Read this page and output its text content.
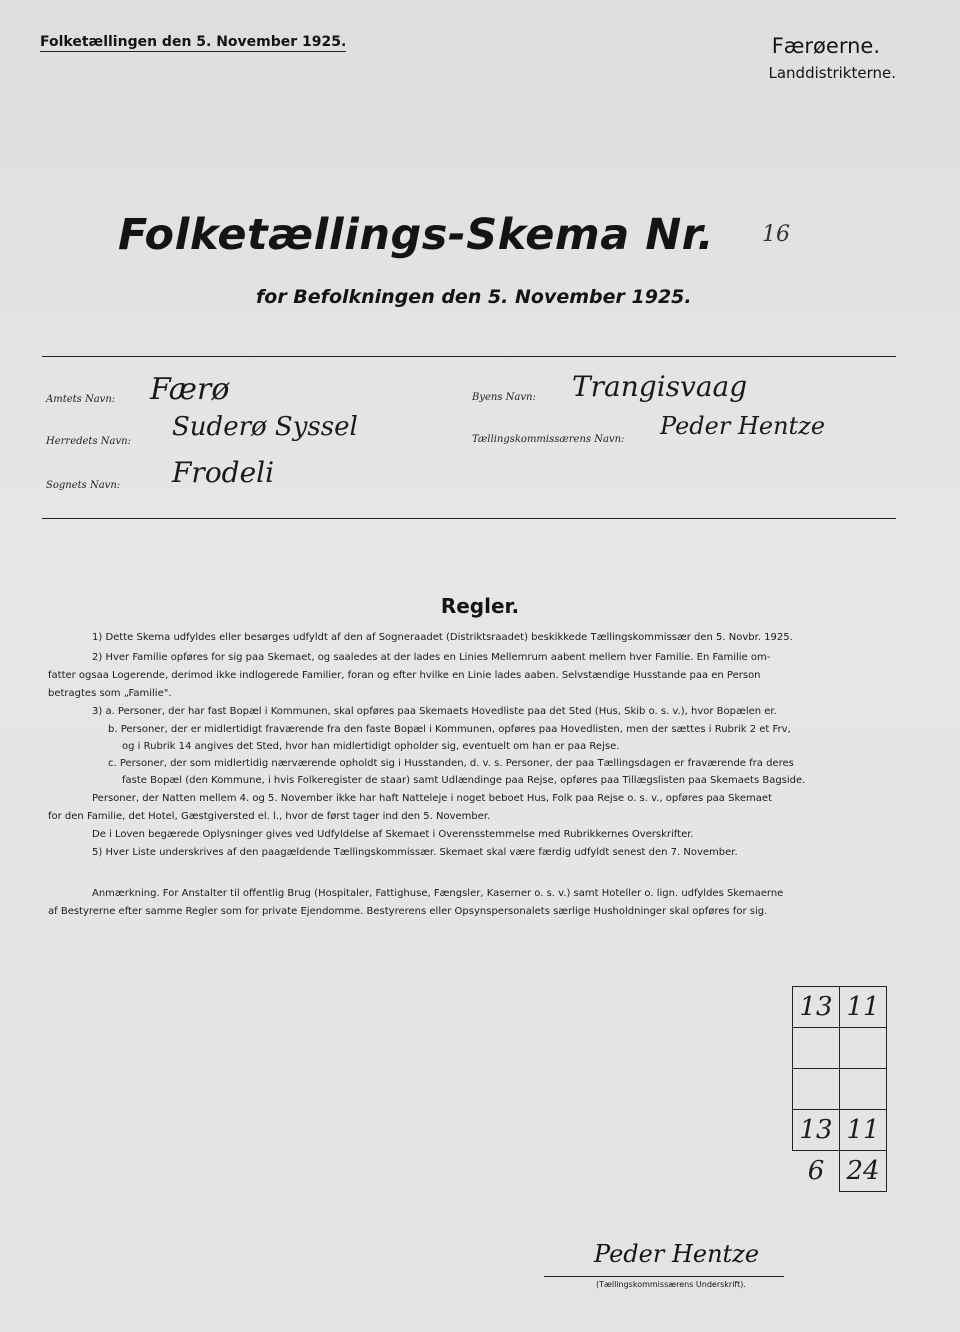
Folketællingen den 5. November 1925.	Færøerne.
Landdistrikterne.
Folketællings-Skema Nr. 16
for Befolkningen den 5. November 1925.
Amtets Navn: Færø
Herredets Navn: Suderø Syssel
Sognets Navn: Frodeli
Byens Navn: Trangisvaag
Tællingskommissærens Navn: Peder Hentze
Regler.
1) Dette Skema udfyldes eller besørges udfyldt af den af Sogneraadet (Distriktsraadet) beskikkede Tællingskommissær den 5. Novbr. 1925.
2) Hver Familie opføres for sig paa Skemaet, og saaledes at der lades en Linies Mellemrum aabent mellem hver Familie. En Familie om-
fatter ogsaa Logerende, derimod ikke indlogerede Familier, foran og efter hvilke en Linie lades aaben. Selvstændige Husstande paa en Person
betragtes som „Familie".
3) a. Personer, der har fast Bopæl i Kommunen, skal opføres paa Skemaets Hovedliste paa det Sted (Hus, Skib o. s. v.), hvor Bopælen er.
b. Personer, der er midlertidigt fraværende fra den faste Bopæl i Kommunen, opføres paa Hovedlisten, men der sættes i Rubrik 2 et Frv,
og i Rubrik 14 angives det Sted, hvor han midlertidigt opholder sig, eventuelt om han er paa Rejse.
c. Personer, der som midlertidig nærværende opholdt sig i Husstanden, d. v. s. Personer, der paa Tællingsdagen er fraværende fra deres
faste Bopæl (den Kommune, i hvis Folkeregister de staar) samt Udlændinge paa Rejse, opføres paa Tillægslisten paa Skemaets Bagside.
Personer, der Natten mellem 4. og 5. November ikke har haft Natteleje i noget beboet Hus, Folk paa Rejse o. s. v., opføres paa Skemaet
for den Familie, det Hotel, Gæstgiversted el. l., hvor de først tager ind den 5. November.
De i Loven begærede Oplysninger gives ved Udfyldelse af Skemaet i Overensstemmelse med Rubrikkernes Overskrifter.
5) Hver Liste underskrives af den paagældende Tællingskommissær. Skemaet skal være færdig udfyldt senest den 7. November.
Anmærkning. For Anstalter til offentlig Brug (Hospitaler, Fattighuse, Fængsler, Kaserner o. s. v.) samt Hoteller o. lign. udfyldes Skemaerne
af Bestyrerne efter samme Regler som for private Ejendomme. Bestyrerens eller Opsynspersonalets særlige Husholdninger skal opføres for sig.
13 11
13 11
6 24
Peder Hentze
(Tællingskommissærens Underskrift).
